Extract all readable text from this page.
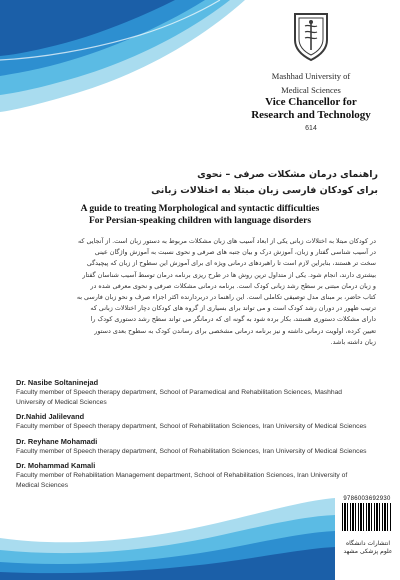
Mashhad University of
Medical Sciences
Vice Chancellor for
Research and Technology
614
راهنمای درمان مشکلات صرفی – نحوی
برای کودکان فارسی زبان مبتلا به اختلالات زبانی
A guide to treating Morphological and syntactic difficulties
For Persian-speaking children with language disorders
در کودکان مبتلا به اختلالات زبانی یکی از ابعاد آسیب های زبان مشکلات مربوط به دستور زبان است. از آنجایی که
در آسیب شناسی گفتار و زبان، آموزش درک و بیان جنبه های صرفی و نحوی نسبت به آموزش واژگان عینی
سخت تر هستند، بنابراین لازم است تا راهبردهای درمانی ویژه ای برای آموزش این سطوح از زبان که پیچیدگی
بیشتری دارند، انجام شود. یکی از متداول ترین روش ها در طرح ریزی برنامه درمان توسط آسیب شناسان گفتار
و زبان درمان مبتنی بر سطح رشد زبانی کودک است. برنامه درمانی مشکلات صرفی و نحوی معرفی شده در
کتاب حاضر، بر مبنای مدل توصیفی تکاملی است. این راهنما در دربردارنده اکثر اجزاء صرف و نحو زبان فارسی به
ترتیب ظهور در دوران رشد کودک است و می تواند برای بسیاری از گروه های کودکان دچار اختلالات زبانی که
دارای مشکلات دستوری هستند، بکار برده شود به گونه ای که درمانگر می تواند سطح رشد دستوری کودک را
تعیین کرده، اولویت درمانی داشته و نیز برنامه درمانی مشخصی برای رساندن کودک به سطوح بعدی دستور
زبان داشته باشد.
Dr. Nasibe Soltaninejad
Faculty member of Speech therapy department, School of Paramedical and Rehabilitation Sciences, Mashhad
University of Medical Sciences
Dr.Nahid Jalilevand
Faculty member of Speech therapy department, School of Rehabilitation Sciences, Iran University of Medical Sciences
Dr. Reyhane Mohamadi
Faculty member of Speech therapy department, School of Rehabilitation Sciences, Iran University of Medical Sciences
Dr. Mohammad Kamali
Faculty member of Rehabilitation Management department, School of Rehabilitation Sciences, Iran University of
Medical Sciences
9786003692930
انتشارات دانشگاه
علوم پزشکی مشهد
